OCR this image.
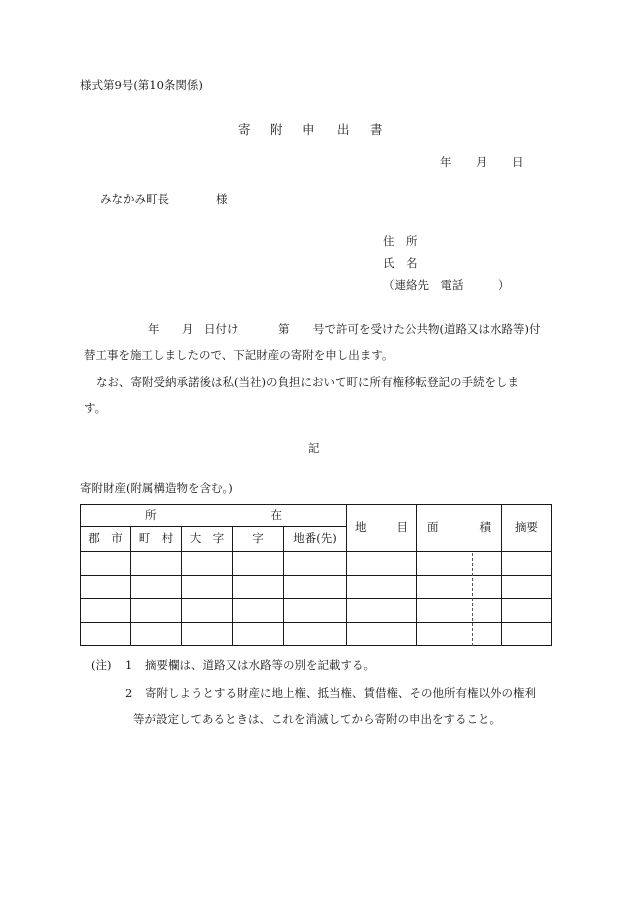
様式第9号(第10条関係)
寄 附 申 出 書
年 月 日
みなかみ町長	様
住　所
氏　名
（連絡先　電話　　　）
年 月 日付け	第 号で許可を受けた公共物(道路又は水路等)付
替工事を施工しましたので、下記財産の寄附を申し出ます。
なお、寄附受納承諾後は私(当社)の負担において町に所有権移転登記の手続をしま
す。
記
寄附財産(附属構造物を含む。)
所 在					地 目	面 積	摘要
郡　市	町　村	大　字	字	地番(先)			

(注) 1 摘要欄は、道路又は水路等の別を記載する。
2 寄附しようとする財産に地上権、抵当権、賃借権、その他所有権以外の権利
等が設定してあるときは、これを消滅してから寄附の申出をすること。
